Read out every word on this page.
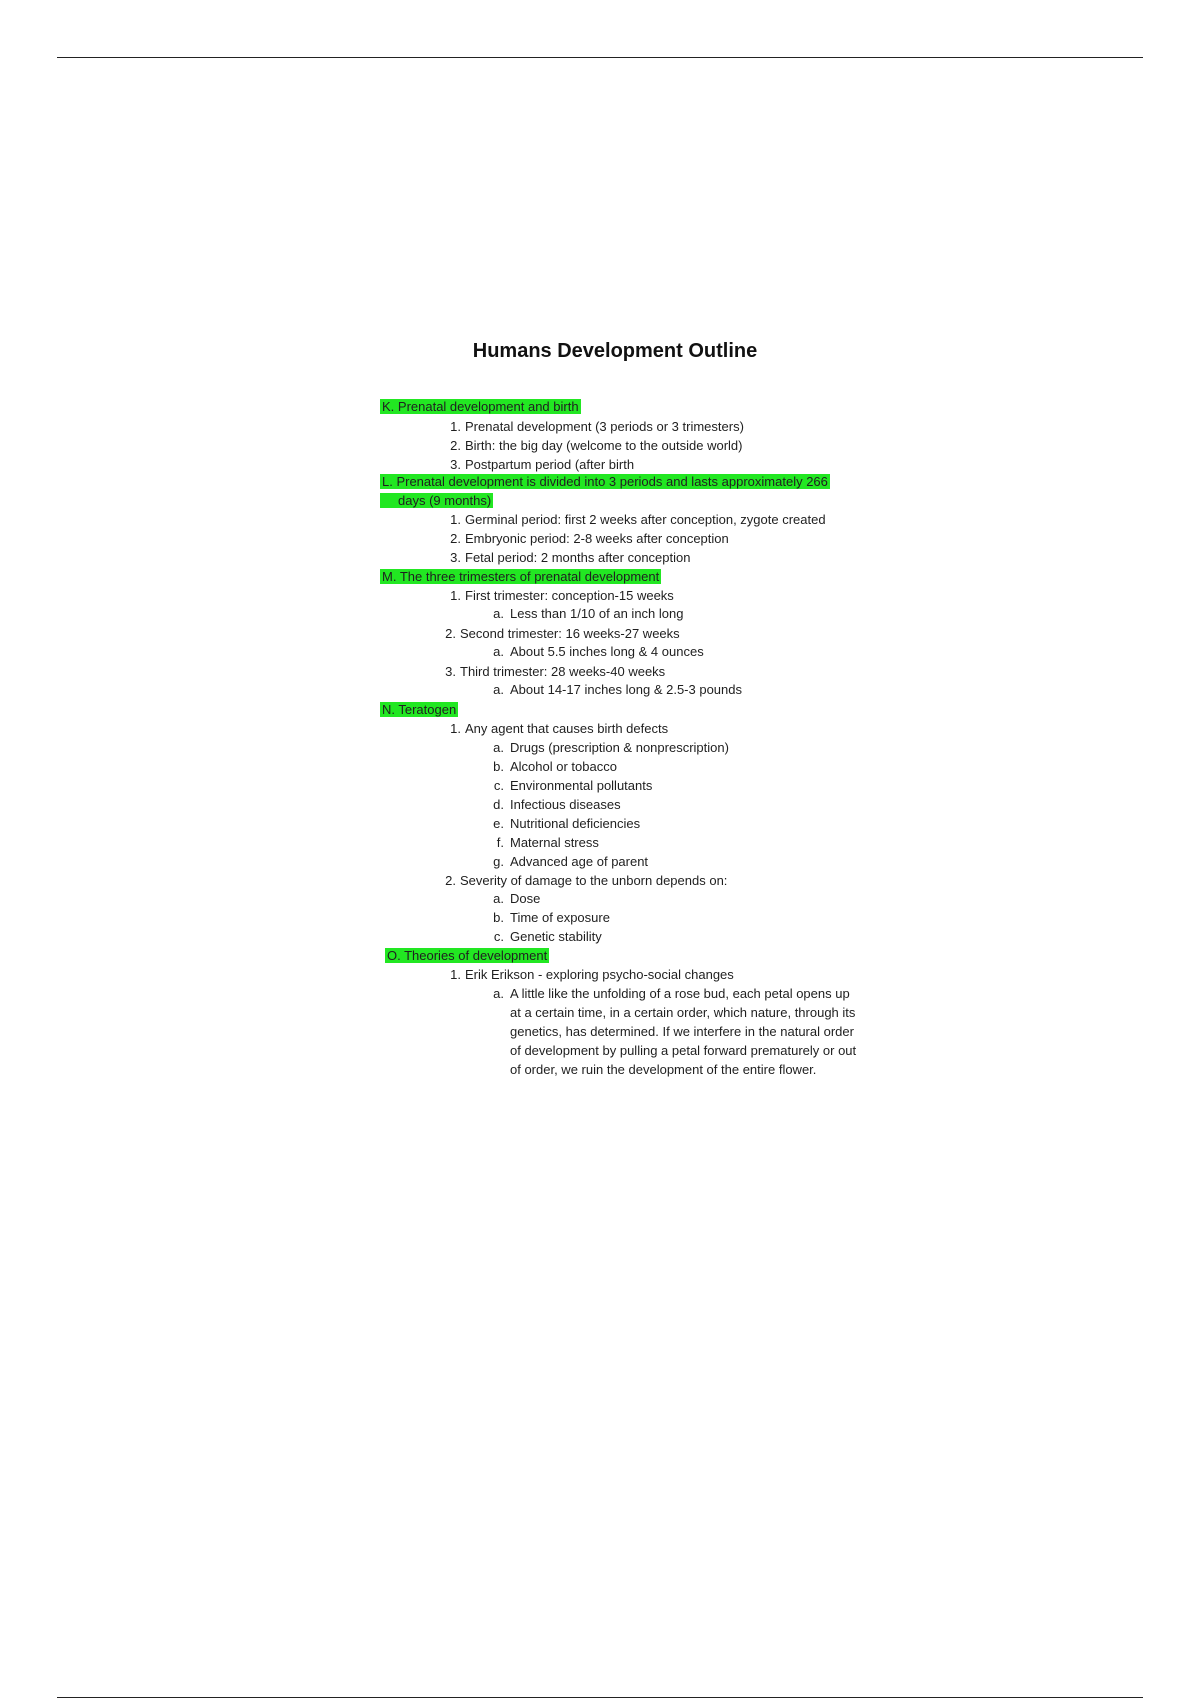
Humans Development Outline
K. Prenatal development and birth
1. Prenatal development (3 periods or 3 trimesters)
2. Birth: the big day (welcome to the outside world)
3. Postpartum period (after birth
L. Prenatal development is divided into 3 periods and lasts approximately 266
days (9 months)
1. Germinal period: first 2 weeks after conception, zygote created
2. Embryonic period: 2-8 weeks after conception
3. Fetal period: 2 months after conception
M. The three trimesters of prenatal development
1. First trimester: conception-15 weeks
a. Less than 1/10 of an inch long
2. Second trimester: 16 weeks-27 weeks
a. About 5.5 inches long & 4 ounces
3. Third trimester: 28 weeks-40 weeks
a. About 14-17 inches long & 2.5-3 pounds
N. Teratogen
1. Any agent that causes birth defects
a. Drugs (prescription & nonprescription)
b. Alcohol or tobacco
c. Environmental pollutants
d. Infectious diseases
e. Nutritional deficiencies
f. Maternal stress
g. Advanced age of parent
2. Severity of damage to the unborn depends on:
a. Dose
b. Time of exposure
c. Genetic stability
O. Theories of development
1. Erik Erikson - exploring psycho-social changes
a. A little like the unfolding of a rose bud, each petal opens up
at a certain time, in a certain order, which nature, through its
genetics, has determined. If we interfere in the natural order
of development by pulling a petal forward prematurely or out
of order, we ruin the development of the entire flower.
